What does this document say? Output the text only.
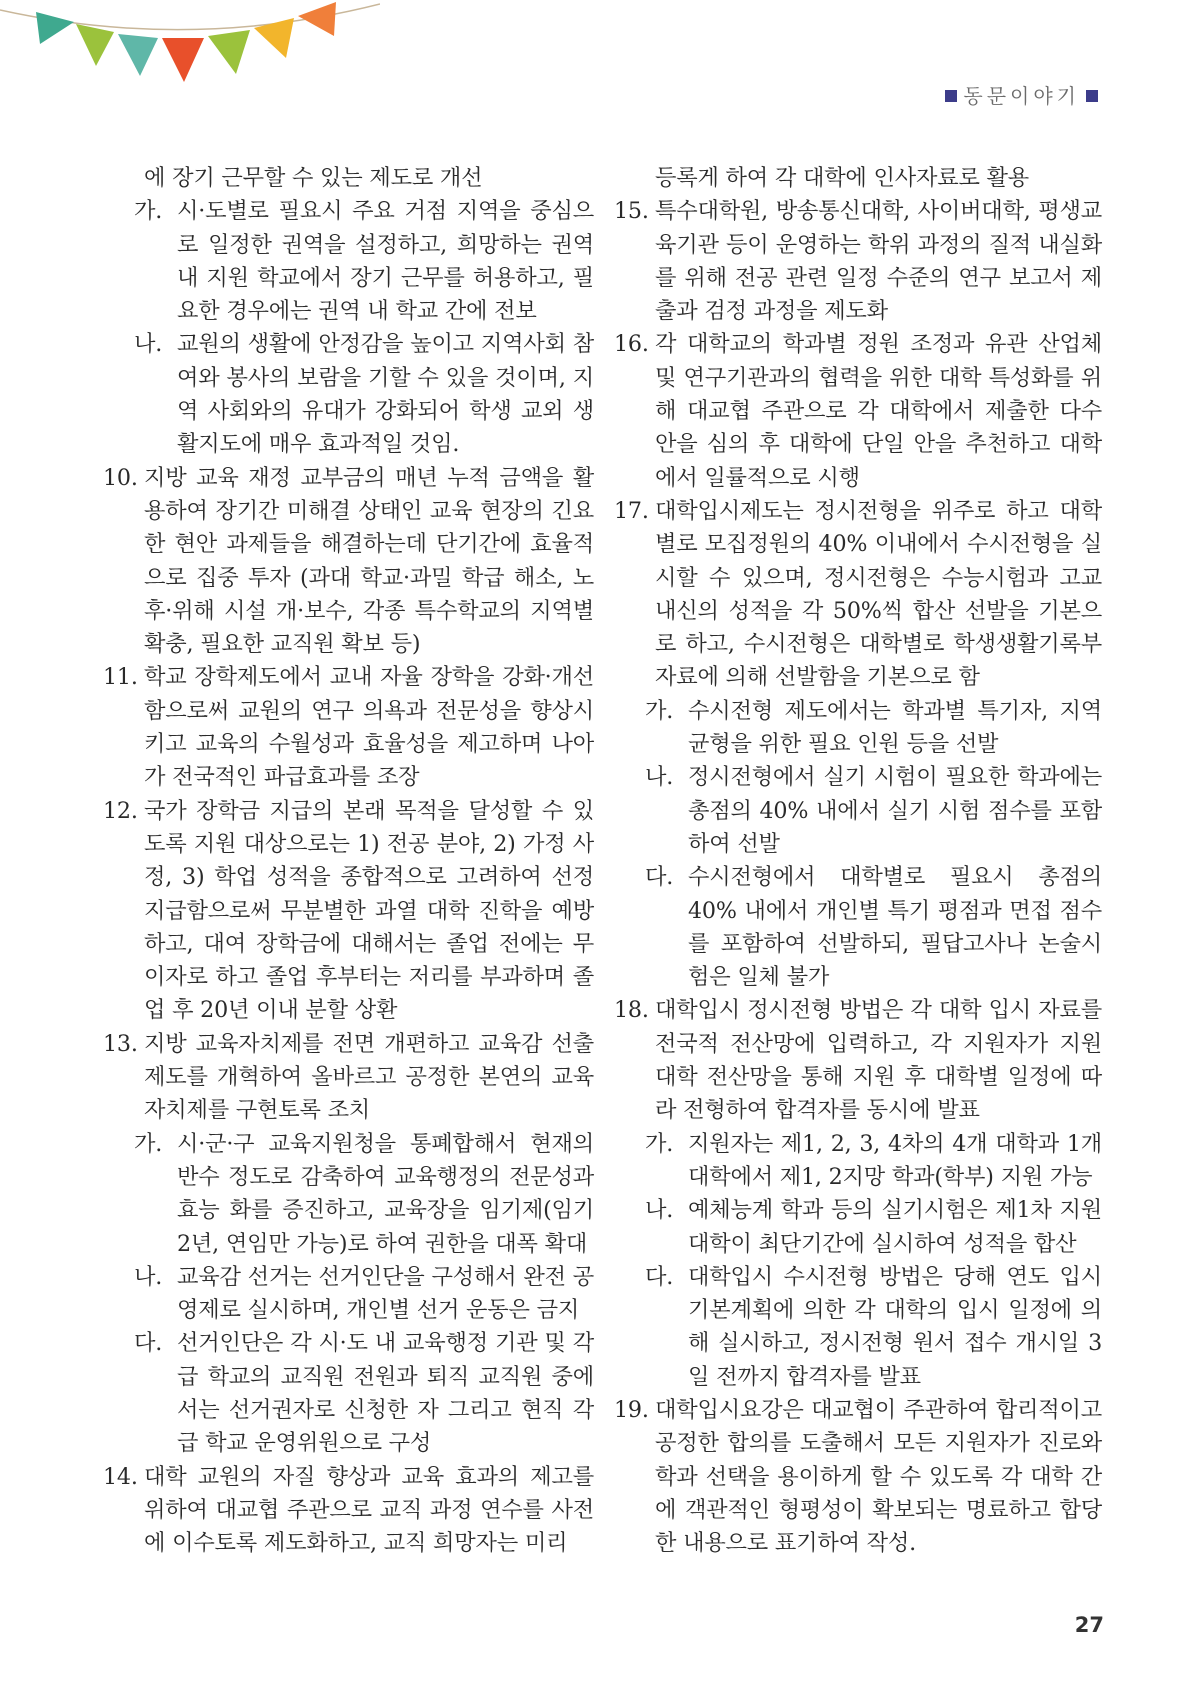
동문이야기
에 장기 근무할 수 있는 제도로 개선
가. 시·도별로 필요시 주요 거점 지역을 중심으로 일정한 권역을 설정하고, 희망하는 권역 내 지원 학교에서 장기 근무를 허용하고, 필요한 경우에는 권역 내 학교 간에 전보
나. 교원의 생활에 안정감을 높이고 지역사회 참여와 봉사의 보람을 기할 수 있을 것이며, 지역 사회와의 유대가 강화되어 학생 교외 생활지도에 매우 효과적일 것임.
10. 지방 교육 재정 교부금의 매년 누적 금액을 활용하여 장기간 미해결 상태인 교육 현장의 긴요한 현안 과제들을 해결하는데 단기간에 효율적으로 집중 투자 (과대 학교·과밀 학급 해소, 노후·위해 시설 개·보수, 각종 특수학교의 지역별 확충, 필요한 교직원 확보 등)
11. 학교 장학제도에서 교내 자율 장학을 강화·개선함으로써 교원의 연구 의욕과 전문성을 향상시키고 교육의 수월성과 효율성을 제고하며 나아가 전국적인 파급효과를 조장
12. 국가 장학금 지급의 본래 목적을 달성할 수 있도록 지원 대상으로는 1) 전공 분야, 2) 가정 사정, 3) 학업 성적을 종합적으로 고려하여 선정 지급함으로써 무분별한 과열 대학 진학을 예방하고, 대여 장학금에 대해서는 졸업 전에는 무이자로 하고 졸업 후부터는 저리를 부과하며 졸업 후 20년 이내 분할 상환
13. 지방 교육자치제를 전면 개편하고 교육감 선출제도를 개혁하여 올바르고 공정한 본연의 교육자치제를 구현토록 조치
가. 시·군·구 교육지원청을 통폐합해서 현재의 반수 정도로 감축하여 교육행정의 전문성과 효능 화를 증진하고, 교육장을 임기제(임기 2년, 연임만 가능)로 하여 권한을 대폭 확대
나. 교육감 선거는 선거인단을 구성해서 완전 공영제로 실시하며, 개인별 선거 운동은 금지
다. 선거인단은 각 시·도 내 교육행정 기관 및 각급 학교의 교직원 전원과 퇴직 교직원 중에서는 선거권자로 신청한 자 그리고 현직 각급 학교 운영위원으로 구성
14. 대학 교원의 자질 향상과 교육 효과의 제고를 위하여 대교협 주관으로 교직 과정 연수를 사전에 이수토록 제도화하고, 교직 희망자는 미리
등록게 하여 각 대학에 인사자료로 활용
15. 특수대학원, 방송통신대학, 사이버대학, 평생교육기관 등이 운영하는 학위 과정의 질적 내실화를 위해 전공 관련 일정 수준의 연구 보고서 제출과 검정 과정을 제도화
16. 각 대학교의 학과별 정원 조정과 유관 산업체 및 연구기관과의 협력을 위한 대학 특성화를 위해 대교협 주관으로 각 대학에서 제출한 다수 안을 심의 후 대학에 단일 안을 추천하고 대학에서 일률적으로 시행
17. 대학입시제도는 정시전형을 위주로 하고 대학별로 모집정원의 40% 이내에서 수시전형을 실시할 수 있으며, 정시전형은 수능시험과 고교 내신의 성적을 각 50%씩 합산 선발을 기본으로 하고, 수시전형은 대학별로 학생생활기록부 자료에 의해 선발함을 기본으로 함
가. 수시전형 제도에서는 학과별 특기자, 지역 균형을 위한 필요 인원 등을 선발
나. 정시전형에서 실기 시험이 필요한 학과에는 총점의 40% 내에서 실기 시험 점수를 포함하여 선발
다. 수시전형에서 대학별로 필요시 총점의 40% 내에서 개인별 특기 평점과 면접 점수를 포함하여 선발하되, 필답고사나 논술시험은 일체 불가
18. 대학입시 정시전형 방법은 각 대학 입시 자료를 전국적 전산망에 입력하고, 각 지원자가 지원 대학 전산망을 통해 지원 후 대학별 일정에 따라 전형하여 합격자를 동시에 발표
가. 지원자는 제1, 2, 3, 4차의 4개 대학과 1개 대학에서 제1, 2지망 학과(학부) 지원 가능
나. 예체능계 학과 등의 실기시험은 제1차 지원 대학이 최단기간에 실시하여 성적을 합산
다. 대학입시 수시전형 방법은 당해 연도 입시 기본계획에 의한 각 대학의 입시 일정에 의해 실시하고, 정시전형 원서 접수 개시일 3일 전까지 합격자를 발표
19. 대학입시요강은 대교협이 주관하여 합리적이고 공정한 합의를 도출해서 모든 지원자가 진로와 학과 선택을 용이하게 할 수 있도록 각 대학 간에 객관적인 형평성이 확보되는 명료하고 합당한 내용으로 표기하여 작성.
27
